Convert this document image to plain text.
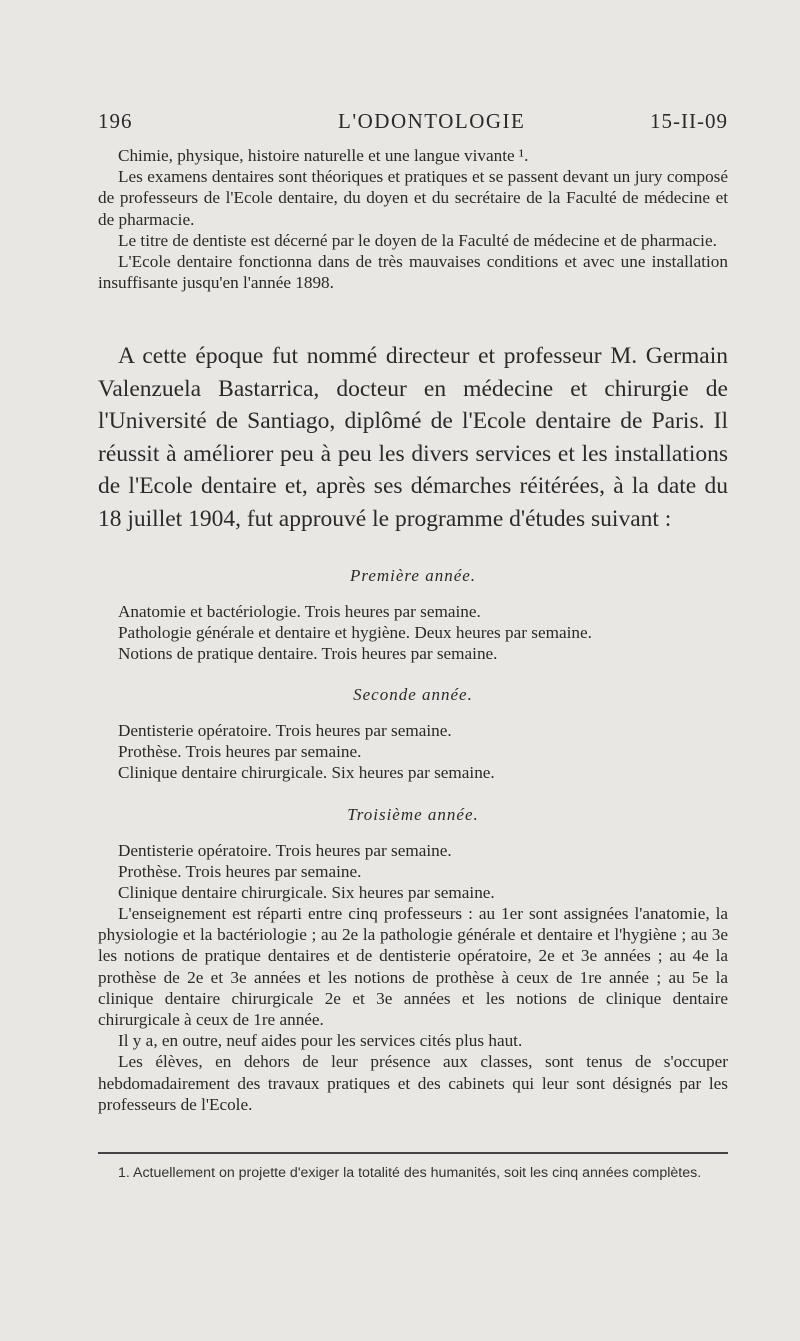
196	L'ODONTOLOGIE	15-II-09

Chimie, physique, histoire naturelle et une langue vivante ¹.

Les examens dentaires sont théoriques et pratiques et se passent devant un jury composé de professeurs de l'Ecole dentaire, du doyen et du secrétaire de la Faculté de médecine et de pharmacie.

Le titre de dentiste est décerné par le doyen de la Faculté de médecine et de pharmacie.

L'Ecole dentaire fonctionna dans de très mauvaises conditions et avec une installation insuffisante jusqu'en l'année 1898.

A cette époque fut nommé directeur et professeur M. Germain Valenzuela Bastarrica, docteur en médecine et chirurgie de l'Université de Santiago, diplômé de l'Ecole dentaire de Paris. Il réussit à améliorer peu à peu les divers services et les installations de l'Ecole dentaire et, après ses démarches réitérées, à la date du 18 juillet 1904, fut approuvé le programme d'études suivant :

Première année.
Anatomie et bactériologie. Trois heures par semaine.
Pathologie générale et dentaire et hygiène. Deux heures par semaine.
Notions de pratique dentaire. Trois heures par semaine.
Seconde année.
Dentisterie opératoire. Trois heures par semaine.
Prothèse. Trois heures par semaine.
Clinique dentaire chirurgicale. Six heures par semaine.
Troisième année.
Dentisterie opératoire. Trois heures par semaine.
Prothèse. Trois heures par semaine.
Clinique dentaire chirurgicale. Six heures par semaine.

L'enseignement est réparti entre cinq professeurs : au 1er sont assignées l'anatomie, la physiologie et la bactériologie ; au 2e la pathologie générale et dentaire et l'hygiène ; au 3e les notions de pratique dentaires et de dentisterie opératoire, 2e et 3e années ; au 4e la prothèse de 2e et 3e années et les notions de prothèse à ceux de 1re année ; au 5e la clinique dentaire chirurgicale 2e et 3e années et les notions de clinique dentaire chirurgicale à ceux de 1re année.

Il y a, en outre, neuf aides pour les services cités plus haut.

Les élèves, en dehors de leur présence aux classes, sont tenus de s'occuper hebdomadairement des travaux pratiques et des cabinets qui leur sont désignés par les professeurs de l'Ecole.

1. Actuellement on projette d'exiger la totalité des humanités, soit les cinq années complètes.
